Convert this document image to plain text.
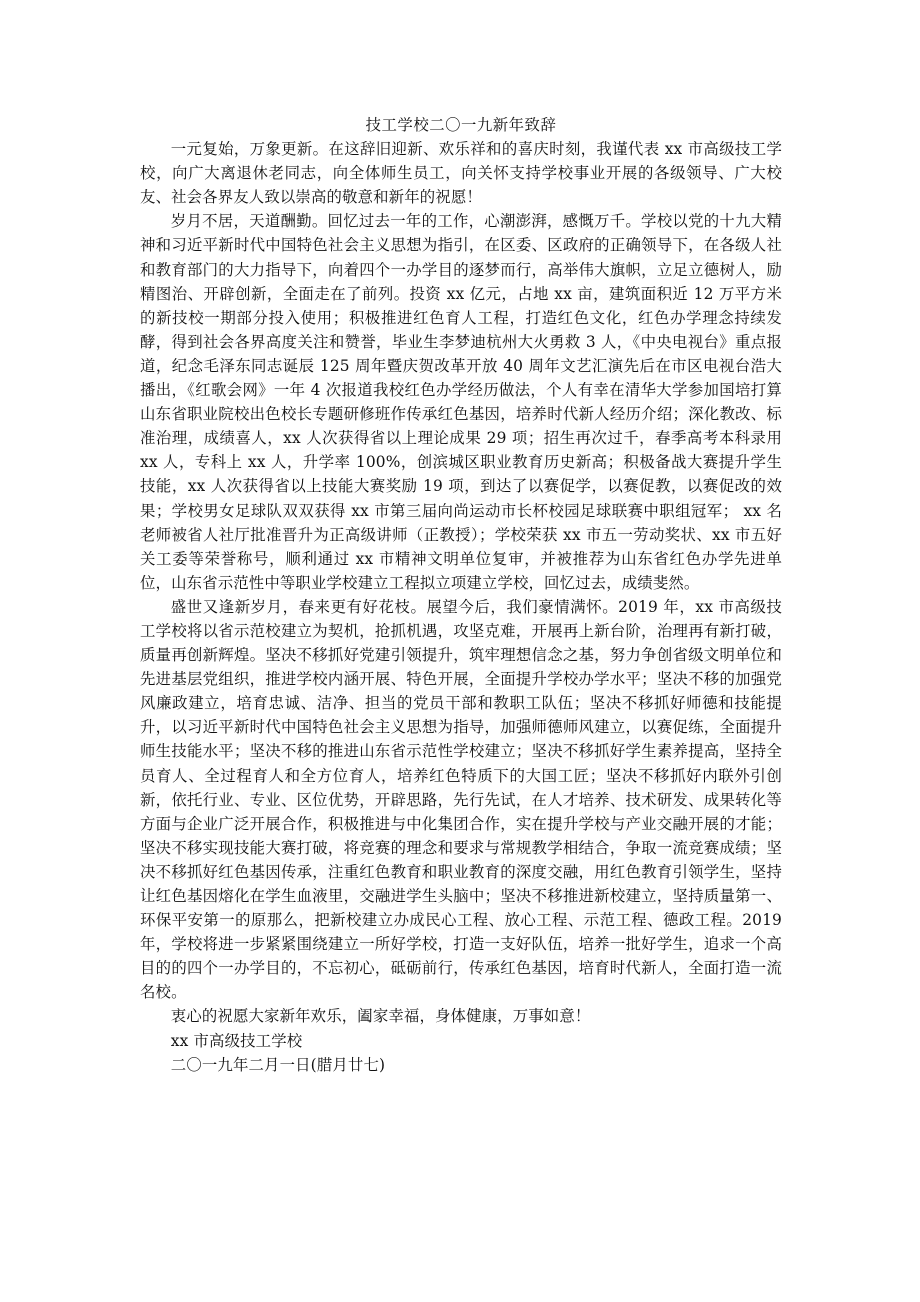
技工学校二〇一九新年致辞

一元复始，万象更新。在这辞旧迎新、欢乐祥和的喜庆时刻，我谨代表 xx 市高级技工学校，向广大离退休老同志，向全体师生员工，向关怀支持学校事业开展的各级领导、广大校友、社会各界友人致以崇高的敬意和新年的祝愿！

岁月不居，天道酬勤。回忆过去一年的工作，心潮澎湃，感慨万千。学校以党的十九大精神和习近平新时代中国特色社会主义思想为指引，在区委、区政府的正确领导下，在各级人社和教育部门的大力指导下，向着四个一办学目的逐梦而行，高举伟大旗帜，立足立德树人，励精图治、开辟创新，全面走在了前列。投资 xx 亿元，占地 xx 亩，建筑面积近 12 万平方米的新技校一期部分投入使用；积极推进红色育人工程，打造红色文化，红色办学理念持续发酵，得到社会各界高度关注和赞誉，毕业生李梦迪杭州大火勇救 3 人，《中央电视台》重点报道，纪念毛泽东同志诞辰 125 周年暨庆贺改革开放 40 周年文艺汇演先后在市区电视台浩大播出，《红歌会网》一年 4 次报道我校红色办学经历做法，个人有幸在清华大学参加国培打算山东省职业院校出色校长专题研修班作传承红色基因，培养时代新人经历介绍；深化教改、标准治理，成绩喜人，xx 人次获得省以上理论成果 29 项；招生再次过千，春季高考本科录用 xx 人，专科上 xx 人，升学率 100%，创滨城区职业教育历史新高；积极备战大赛提升学生技能，xx 人次获得省以上技能大赛奖励 19 项，到达了以赛促学，以赛促教，以赛促改的效果；学校男女足球队双双获得 xx 市第三届向尚运动市长杯校园足球联赛中职组冠军； xx 名老师被省人社厅批准晋升为正高级讲师（正教授）；学校荣获 xx 市五一劳动奖状、xx 市五好关工委等荣誉称号，顺利通过 xx 市精神文明单位复审，并被推荐为山东省红色办学先进单位，山东省示范性中等职业学校建立工程拟立项建立学校，回忆过去，成绩斐然。

盛世又逢新岁月，春来更有好花枝。展望今后，我们豪情满怀。2019 年，xx 市高级技工学校将以省示范校建立为契机，抢抓机遇，攻坚克难，开展再上新台阶，治理再有新打破，质量再创新辉煌。坚决不移抓好党建引领提升，筑牢理想信念之基，努力争创省级文明单位和先进基层党组织，推进学校内涵开展、特色开展，全面提升学校办学水平；坚决不移的加强党风廉政建立，培育忠诚、洁净、担当的党员干部和教职工队伍；坚决不移抓好师德和技能提升，以习近平新时代中国特色社会主义思想为指导，加强师德师风建立，以赛促练，全面提升师生技能水平；坚决不移的推进山东省示范性学校建立；坚决不移抓好学生素养提高，坚持全员育人、全过程育人和全方位育人，培养红色特质下的大国工匠；坚决不移抓好内联外引创新，依托行业、专业、区位优势，开辟思路，先行先试，在人才培养、技术研发、成果转化等方面与企业广泛开展合作，积极推进与中化集团合作，实在提升学校与产业交融开展的才能；坚决不移实现技能大赛打破，将竞赛的理念和要求与常规教学相结合，争取一流竞赛成绩；坚决不移抓好红色基因传承，注重红色教育和职业教育的深度交融，用红色教育引领学生，坚持让红色基因熔化在学生血液里，交融进学生头脑中；坚决不移推进新校建立，坚持质量第一、环保平安第一的原那么，把新校建立办成民心工程、放心工程、示范工程、德政工程。2019 年，学校将进一步紧紧围绕建立一所好学校，打造一支好队伍，培养一批好学生，追求一个高目的的四个一办学目的，不忘初心，砥砺前行，传承红色基因，培育时代新人，全面打造一流名校。

衷心的祝愿大家新年欢乐，阖家幸福，身体健康，万事如意！

xx 市高级技工学校

二〇一九年二月一日(腊月廿七)
